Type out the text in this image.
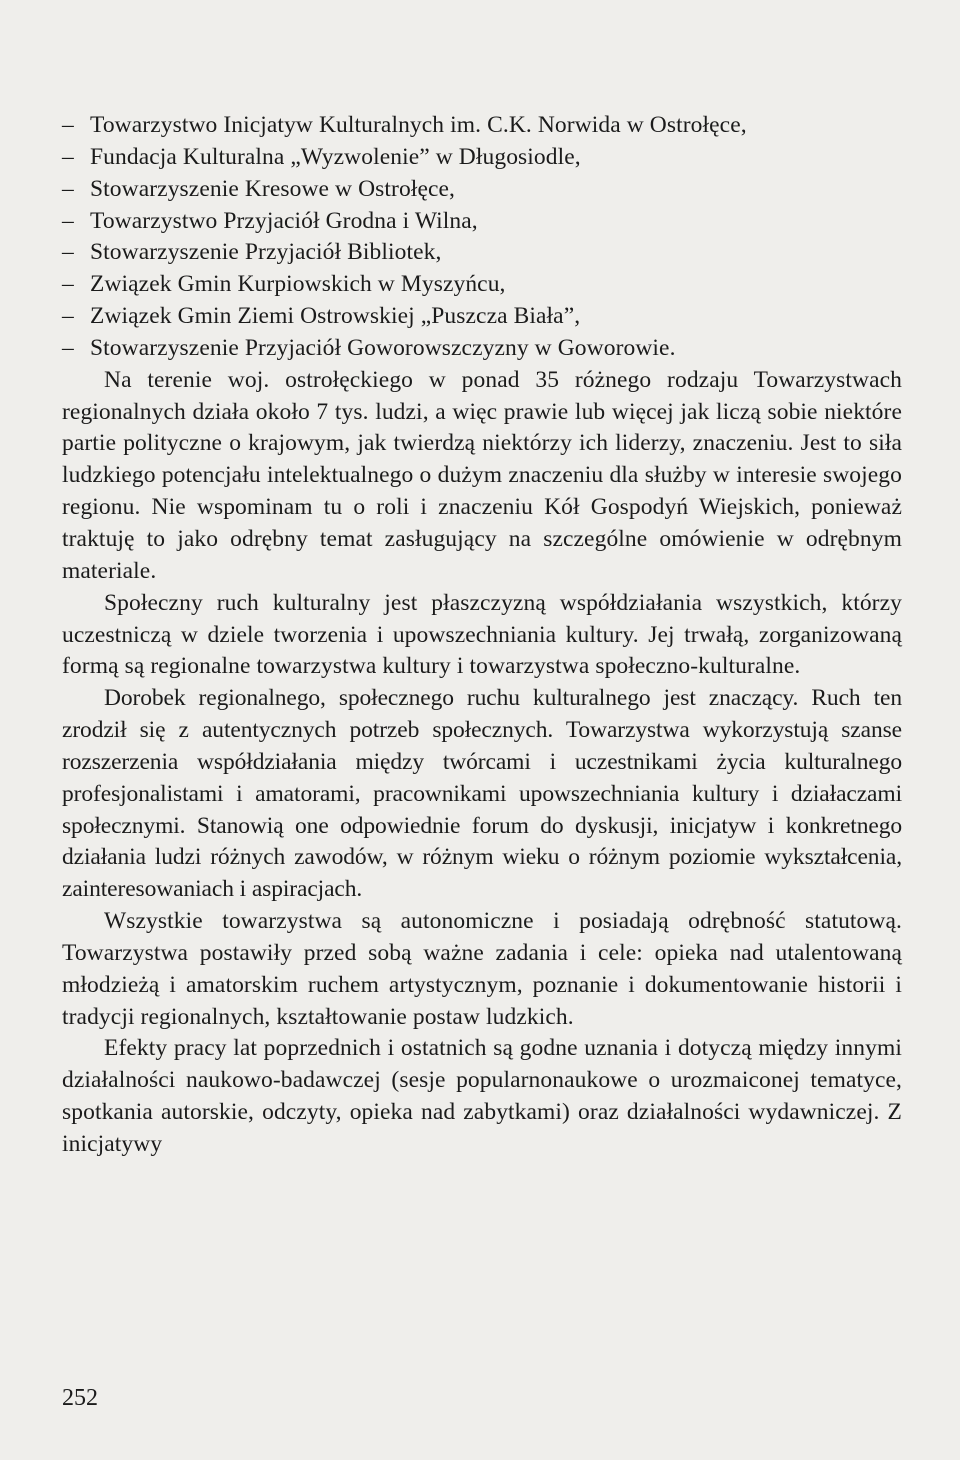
– Towarzystwo Inicjatyw Kulturalnych im. C.K. Norwida w Ostrołęce,
– Fundacja Kulturalna „Wyzwolenie” w Długosiodle,
– Stowarzyszenie Kresowe w Ostrołęce,
– Towarzystwo Przyjaciół Grodna i Wilna,
– Stowarzyszenie Przyjaciół Bibliotek,
– Związek Gmin Kurpiowskich w Myszyńcu,
– Związek Gmin Ziemi Ostrowskiej „Puszcza Biała”,
– Stowarzyszenie Przyjaciół Goworowszczyzny w Goworowie.

Na terenie woj. ostrołęckiego w ponad 35 różnego rodzaju Towarzystwach regionalnych działa około 7 tys. ludzi, a więc prawie lub więcej jak liczą sobie niektóre partie polityczne o krajowym, jak twierdzą niektórzy ich liderzy, znaczeniu. Jest to siła ludzkiego potencjału intelektualnego o dużym znaczeniu dla służby w interesie swojego regionu. Nie wspominam tu o roli i znaczeniu Kół Gospodyń Wiejskich, ponieważ traktuję to jako odrębny temat zasługujący na szczególne omówienie w odrębnym materiale.

Społeczny ruch kulturalny jest płaszczyzną współdziałania wszystkich, którzy uczestniczą w dziele tworzenia i upowszechniania kultury. Jej trwałą, zorganizowaną formą są regionalne towarzystwa kultury i towarzystwa społeczno-kulturalne.

Dorobek regionalnego, społecznego ruchu kulturalnego jest znaczący. Ruch ten zrodził się z autentycznych potrzeb społecznych. Towarzystwa wykorzystują szanse rozszerzenia współdziałania między twórcami i uczestnikami życia kulturalnego profesjonalistami i amatorami, pracownikami upowszechniania kultury i działaczami społecznymi. Stanowią one odpowiednie forum do dyskusji, inicjatyw i konkretnego działania ludzi różnych zawodów, w różnym wieku o różnym poziomie wykształcenia, zainteresowaniach i aspiracjach.

Wszystkie towarzystwa są autonomiczne i posiadają odrębność statutową. Towarzystwa postawiły przed sobą ważne zadania i cele: opieka nad utalentowaną młodzieżą i amatorskim ruchem artystycznym, poznanie i dokumentowanie historii i tradycji regionalnych, kształtowanie postaw ludzkich.

Efekty pracy lat poprzednich i ostatnich są godne uznania i dotyczą między innymi działalności naukowo-badawczej (sesje popularnonaukowe o urozmaiconej tematyce, spotkania autorskie, odczyty, opieka nad zabytkami) oraz działalności wydawniczej. Z inicjatywy

252
